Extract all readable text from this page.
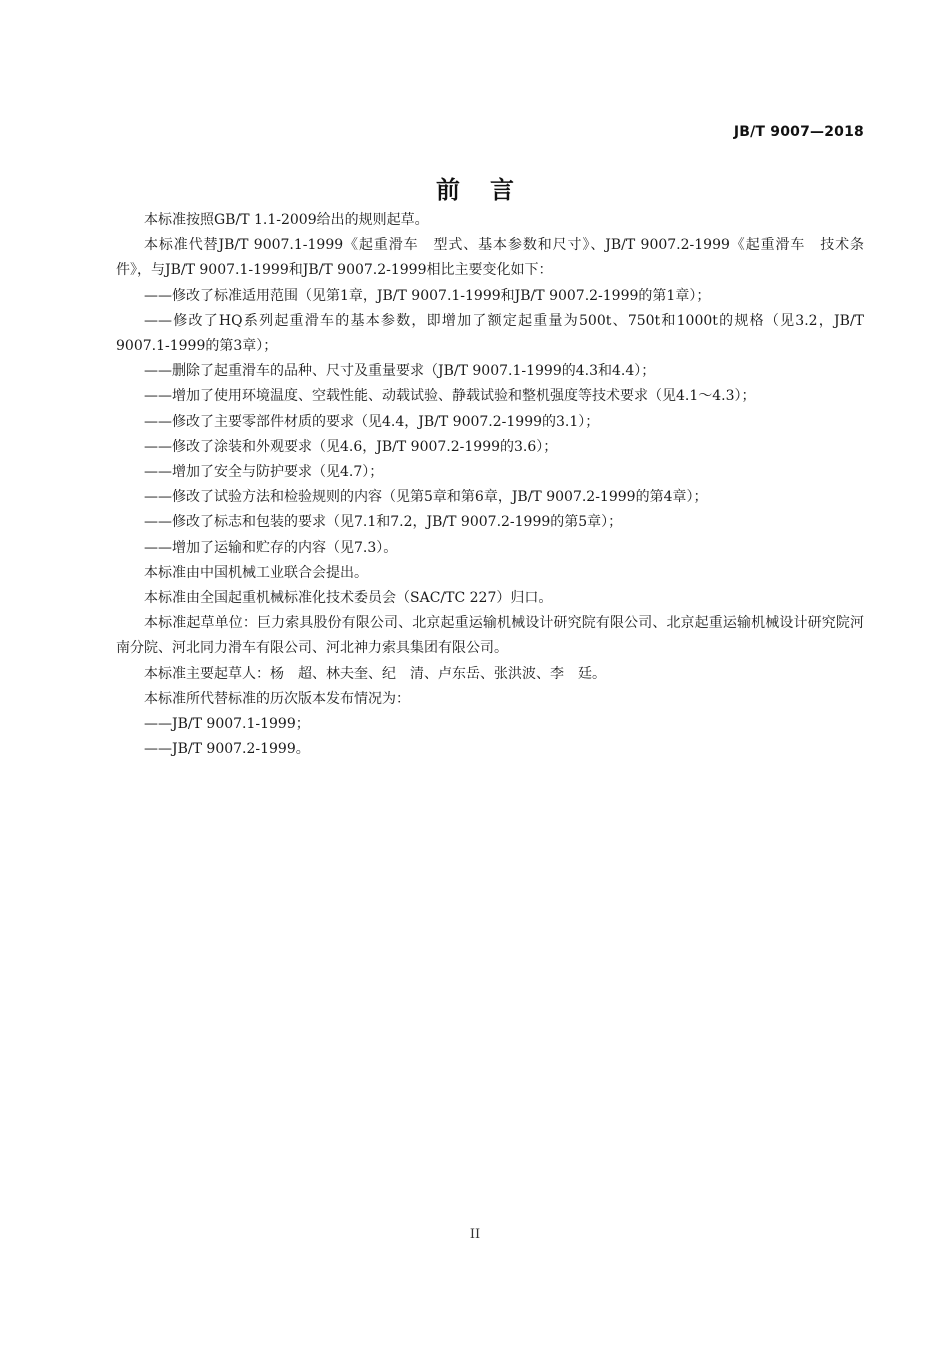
JB/T 9007—2018
前言

本标准按照GB/T 1.1-2009给出的规则起草。

本标准代替JB/T 9007.1-1999《起重滑车　型式、基本参数和尺寸》、JB/T 9007.2-1999《起重滑车　技术条件》，与JB/T 9007.1-1999和JB/T 9007.2-1999相比主要变化如下：

——修改了标准适用范围（见第1章，JB/T 9007.1-1999和JB/T 9007.2-1999的第1章）；

——修改了HQ系列起重滑车的基本参数，即增加了额定起重量为500t、750t和1000t的规格（见3.2，JB/T 9007.1-1999的第3章）；

——删除了起重滑车的品种、尺寸及重量要求（JB/T 9007.1-1999的4.3和4.4）；

——增加了使用环境温度、空载性能、动载试验、静载试验和整机强度等技术要求（见4.1～4.3）；

——修改了主要零部件材质的要求（见4.4，JB/T 9007.2-1999的3.1）；

——修改了涂装和外观要求（见4.6，JB/T 9007.2-1999的3.6）；

——增加了安全与防护要求（见4.7）；

——修改了试验方法和检验规则的内容（见第5章和第6章，JB/T 9007.2-1999的第4章）；

——修改了标志和包装的要求（见7.1和7.2，JB/T 9007.2-1999的第5章）；

——增加了运输和贮存的内容（见7.3）。

本标准由中国机械工业联合会提出。

本标准由全国起重机械标准化技术委员会（SAC/TC 227）归口。

本标准起草单位：巨力索具股份有限公司、北京起重运输机械设计研究院有限公司、北京起重运输机械设计研究院河南分院、河北同力滑车有限公司、河北神力索具集团有限公司。

本标准主要起草人：杨　超、林夫奎、纪　清、卢东岳、张洪波、李　廷。

本标准所代替标准的历次版本发布情况为：

——JB/T 9007.1-1999；

——JB/T 9007.2-1999。

II
